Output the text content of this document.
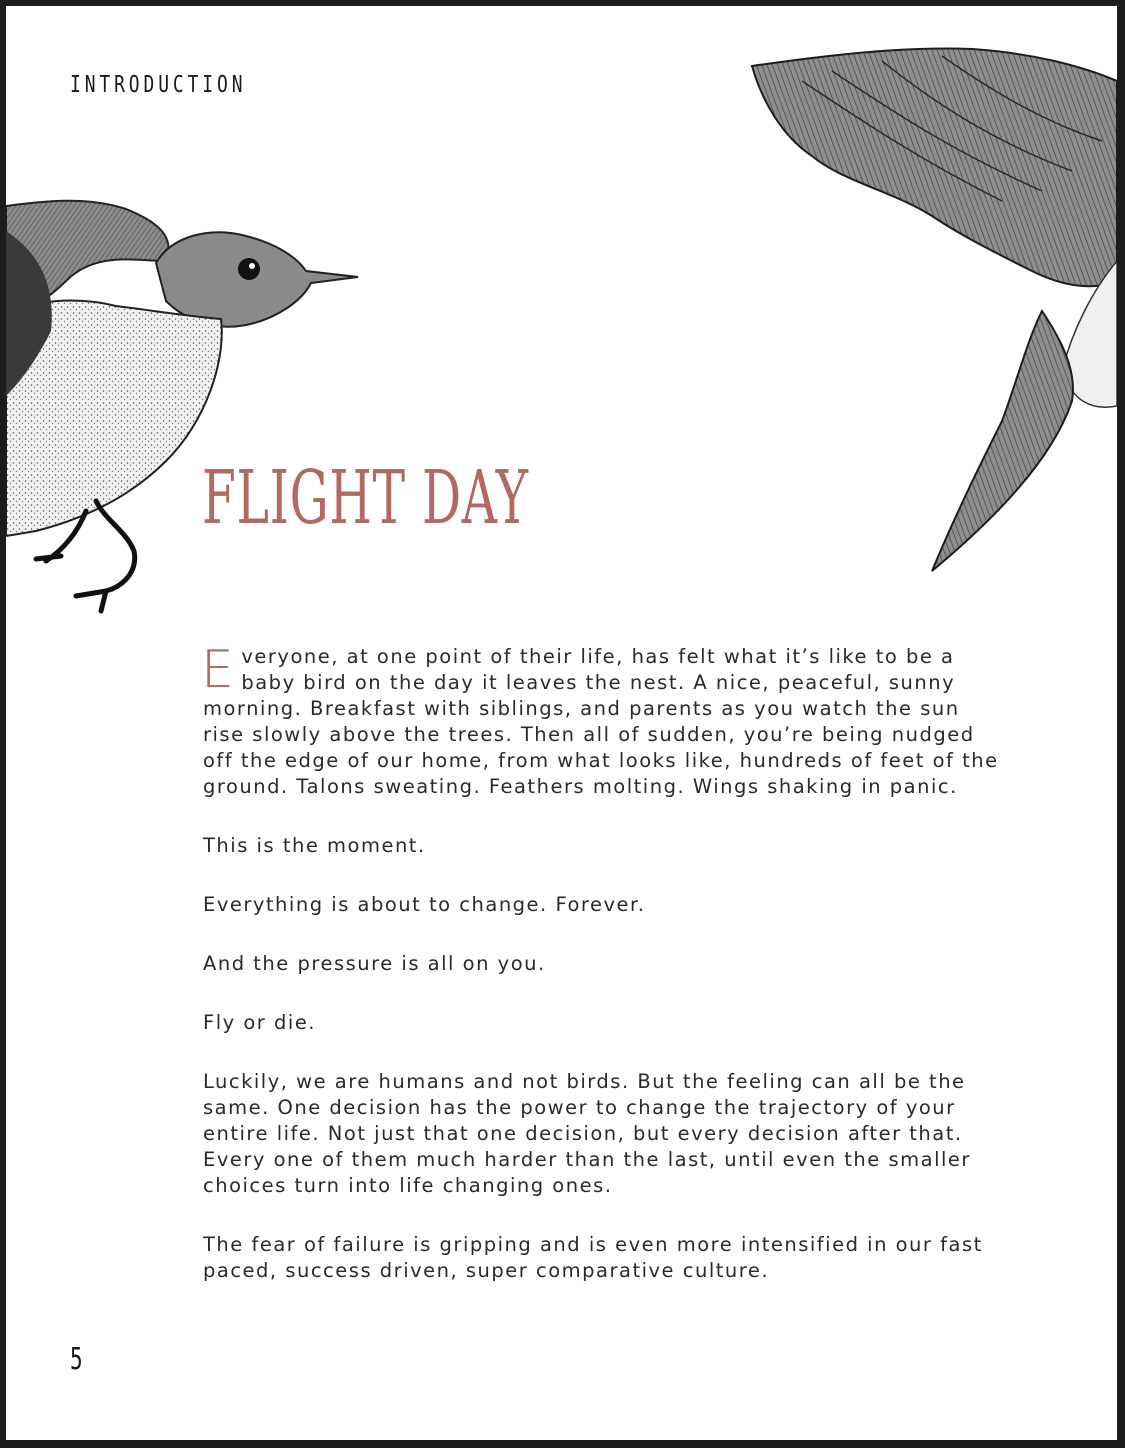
INTRODUCTION
FLIGHT DAY

Everyone, at one point of their life, has felt what it’s like to be a baby bird on the day it leaves the nest. A nice, peaceful, sunny morning. Breakfast with siblings, and parents as you watch the sun rise slowly above the trees. Then all of sudden, you’re being nudged off the edge of our home, from what looks like, hundreds of feet of the ground. Talons sweating. Feathers molting. Wings shaking in panic.

This is the moment.

Everything is about to change. Forever.

And the pressure is all on you.

Fly or die.

Luckily, we are humans and not birds. But the feeling can all be the same. One decision has the power to change the trajectory of your entire life. Not just that one decision, but every decision after that. Every one of them much harder than the last, until even the smaller choices turn into life changing ones.

The fear of failure is gripping and is even more intensified in our fast paced, success driven, super comparative culture.

5
